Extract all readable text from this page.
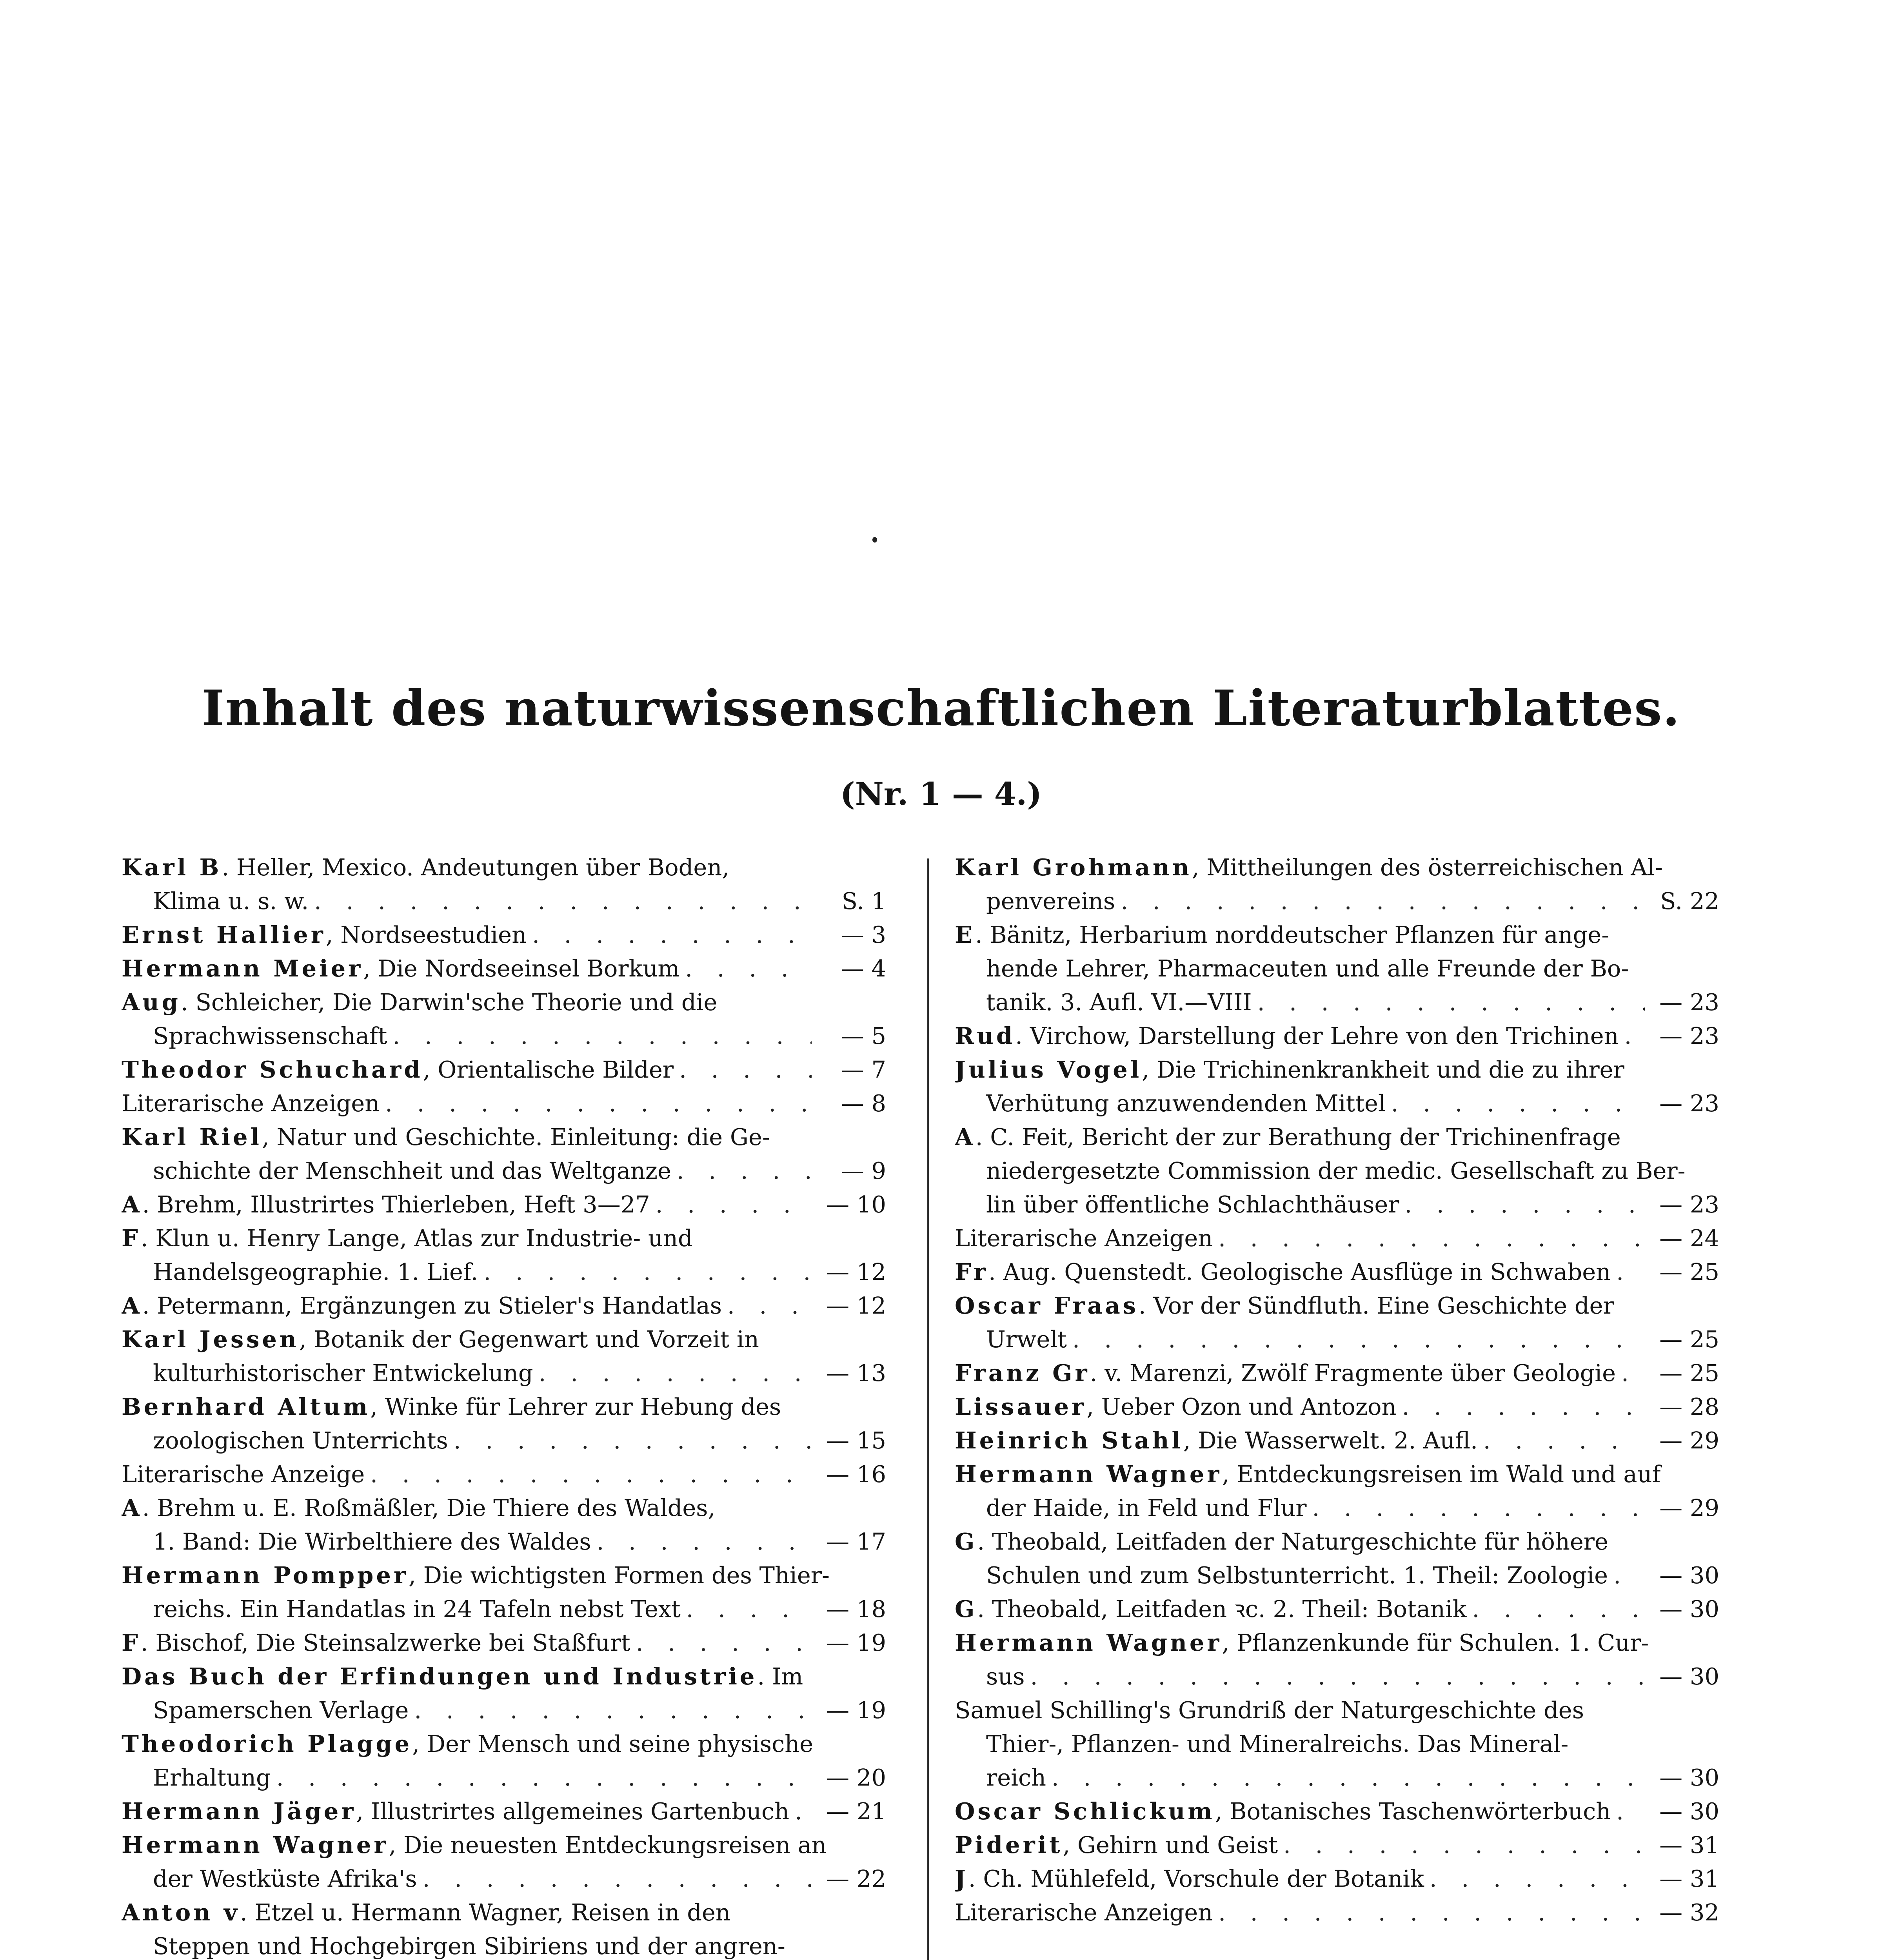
Inhalt des naturwissenschaftlichen Literaturblattes.
(Nr. 1 — 4.)
Karl B. Heller, Mexico. Andeutungen über Boden,
Klima u. s. w. . . .	S. 1
Ernst Hallier, Nordseestudien . . .	— 3
Hermann Meier, Die Nordseeinsel Borkum . . .	— 4
Aug. Schleicher, Die Darwin'sche Theorie und die
Sprachwissenschaft . . .	— 5
Theodor Schuchard, Orientalische Bilder . . .	— 7
Literarische Anzeigen . . .	— 8
Karl Riel, Natur und Geschichte. Einleitung: die Ge-
schichte der Menschheit und das Weltganze . . .	— 9
A. Brehm, Illustrirtes Thierleben, Heft 3—27 . . .	— 10
F. Klun u. Henry Lange, Atlas zur Industrie- und
Handelsgeographie. 1. Lief. . . .	— 12
A. Petermann, Ergänzungen zu Stieler's Handatlas . . .	— 12
Karl Jessen, Botanik der Gegenwart und Vorzeit in
kulturhistorischer Entwickelung . . .	— 13
Bernhard Altum, Winke für Lehrer zur Hebung des
zoologischen Unterrichts . . .	— 15
Literarische Anzeige . . .	— 16
A. Brehm u. E. Roßmäßler, Die Thiere des Waldes,
1. Band: Die Wirbelthiere des Waldes . . .	— 17
Hermann Pompper, Die wichtigsten Formen des Thier-
reichs. Ein Handatlas in 24 Tafeln nebst Text . . .	— 18
F. Bischof, Die Steinsalzwerke bei Staßfurt . . .	— 19
Das Buch der Erfindungen und Industrie. Im
Spamerschen Verlage . . .	— 19
Theodorich Plagge, Der Mensch und seine physische
Erhaltung . . .	— 20
Hermann Jäger, Illustrirtes allgemeines Gartenbuch . . .	— 21
Hermann Wagner, Die neuesten Entdeckungsreisen an
der Westküste Afrika's . . .	— 22
Anton v. Etzel u. Hermann Wagner, Reisen in den
Steppen und Hochgebirgen Sibiriens und der angren-
Karl Grohmann, Mittheilungen des österreichischen Al-
penvereins . . .	S. 22
E. Bänitz, Herbarium norddeutscher Pflanzen für ange-
hende Lehrer, Pharmaceuten und alle Freunde der Bo-
tanik. 3. Aufl. VI.—VIII . . .	— 23
Rud. Virchow, Darstellung der Lehre von den Trichinen . . .	— 23
Julius Vogel, Die Trichinenkrankheit und die zu ihrer
Verhütung anzuwendenden Mittel . . .	— 23
A. C. Feit, Bericht der zur Berathung der Trichinenfrage
niedergesetzte Commission der medic. Gesellschaft zu Ber-
lin über öffentliche Schlachthäuser . . .	— 23
Literarische Anzeigen . . .	— 24
Fr. Aug. Quenstedt. Geologische Ausflüge in Schwaben . . .	— 25
Oscar Fraas. Vor der Sündfluth. Eine Geschichte der
Urwelt . . .	— 25
Franz Gr. v. Marenzi, Zwölf Fragmente über Geologie . . .	— 25
Lissauer, Ueber Ozon und Antozon . . .	— 28
Heinrich Stahl, Die Wasserwelt. 2. Aufl. . . .	— 29
Hermann Wagner, Entdeckungsreisen im Wald und auf
der Haide, in Feld und Flur . . .	— 29
G. Theobald, Leitfaden der Naturgeschichte für höhere
Schulen und zum Selbstunterricht. 1. Theil: Zoologie . . .	— 30
G. Theobald, Leitfaden ꝛc. 2. Theil: Botanik . . .	— 30
Hermann Wagner, Pflanzenkunde für Schulen. 1. Cur-
sus . . .	— 30
Samuel Schilling's Grundriß der Naturgeschichte des
Thier-, Pflanzen- und Mineralreichs. Das Mineral-
reich . . .	— 30
Oscar Schlickum, Botanisches Taschenwörterbuch . . .	— 30
Piderit, Gehirn und Geist . . .	— 31
J. Ch. Mühlefeld, Vorschule der Botanik . . .	— 31
Literarische Anzeigen . . .	— 32
